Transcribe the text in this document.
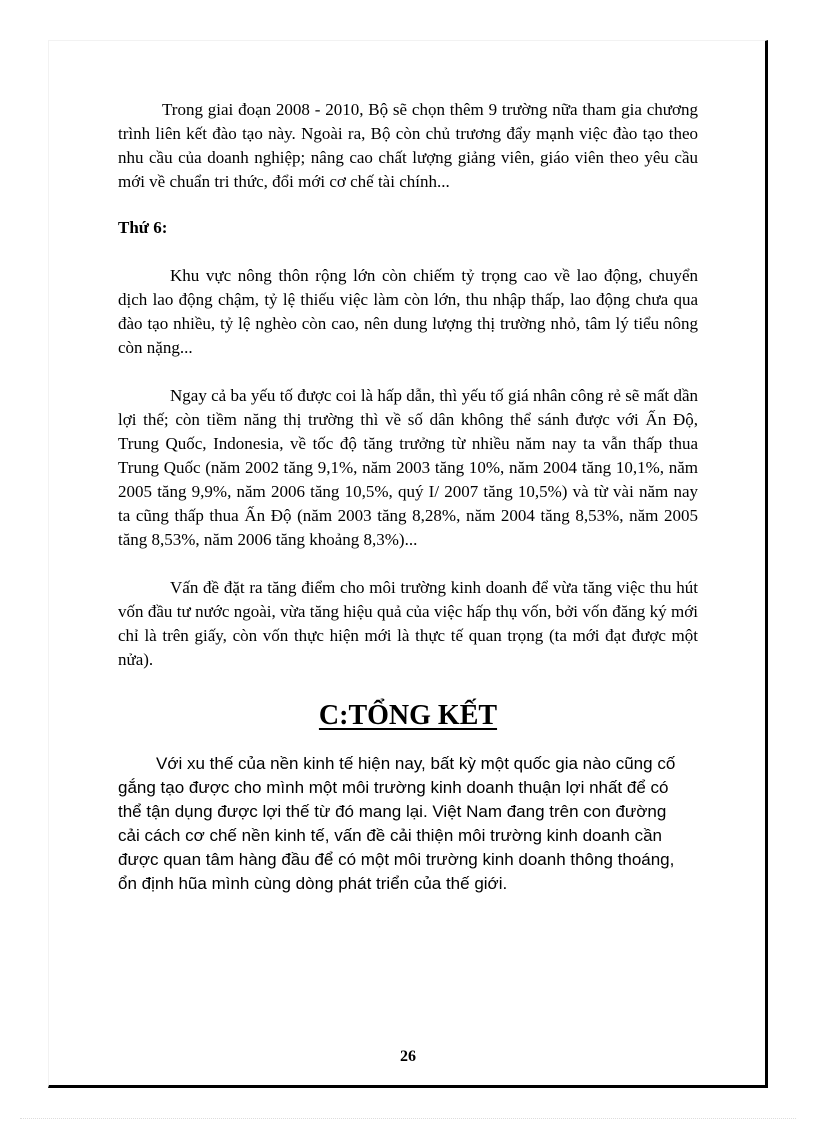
Trong giai đoạn 2008 - 2010, Bộ sẽ chọn thêm 9 trường nữa tham gia chương trình liên kết đào tạo này. Ngoài ra, Bộ còn chủ trương đẩy mạnh việc đào tạo theo nhu cầu của doanh nghiệp; nâng cao chất lượng giảng viên, giáo viên theo yêu cầu mới về chuẩn tri thức, đổi mới cơ chế tài chính...

Thứ 6:

Khu vực nông thôn rộng lớn còn chiếm tỷ trọng cao về lao động, chuyển dịch lao động chậm, tỷ lệ thiếu việc làm còn lớn, thu nhập thấp, lao động chưa qua đào tạo nhiều, tỷ lệ nghèo còn cao, nên dung lượng thị trường nhỏ, tâm lý tiểu nông còn nặng...

Ngay cả ba yếu tố được coi là hấp dẫn, thì yếu tố giá nhân công rẻ sẽ mất dần lợi thế; còn tiềm năng thị trường thì về số dân không thể sánh được với Ấn Độ, Trung Quốc, Indonesia, về tốc độ tăng trưởng từ nhiều năm nay ta vẫn thấp thua Trung Quốc (năm 2002 tăng 9,1%, năm 2003 tăng 10%, năm 2004 tăng 10,1%, năm 2005 tăng 9,9%, năm 2006 tăng 10,5%, quý I/ 2007 tăng 10,5%) và từ vài năm nay ta cũng thấp thua Ấn Độ (năm 2003 tăng 8,28%, năm 2004 tăng 8,53%, năm 2005 tăng 8,53%, năm 2006 tăng khoảng 8,3%)...

Vấn đề đặt ra tăng điểm cho môi trường kinh doanh để vừa tăng việc thu hút vốn đầu tư nước ngoài, vừa tăng hiệu quả của việc hấp thụ vốn, bởi vốn đăng ký mới chỉ là trên giấy, còn vốn thực hiện mới là thực tế quan trọng (ta mới đạt được một nửa).

C:TỔNG KẾT

Với xu thế của nền kinh tế hiện nay, bất kỳ một quốc gia nào cũng cố gắng tạo được cho mình một môi trường kinh doanh thuận lợi nhất để có thể tận dụng được lợi thế từ đó mang lại. Việt Nam đang trên con đường cải cách cơ chế nền kinh tế, vấn đề cải thiện môi trường kinh doanh cần được quan tâm hàng đầu để có một môi trường kinh doanh thông thoáng, ổn định hũa mình cùng dòng phát triển của thế giới.

26
